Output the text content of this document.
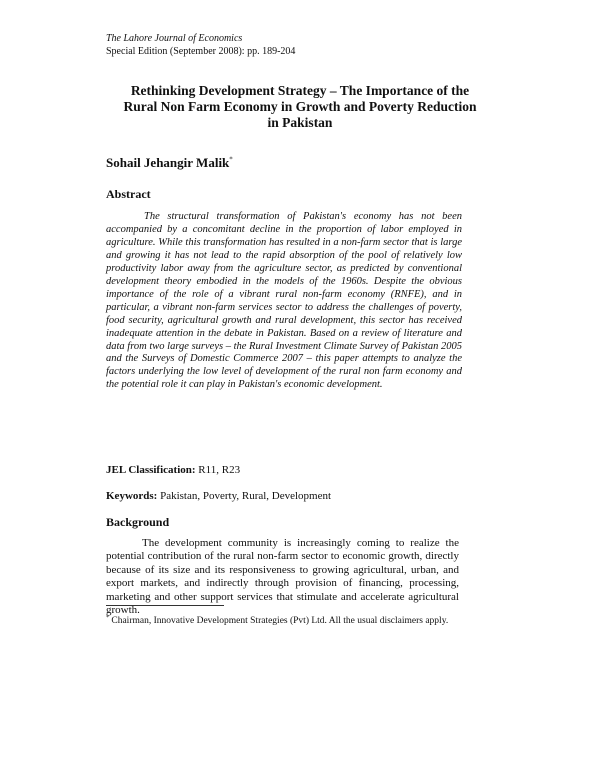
The Lahore Journal of Economics
Special Edition (September 2008): pp. 189-204
Rethinking Development Strategy – The Importance of the
Rural Non Farm Economy in Growth and Poverty Reduction
in Pakistan
Sohail Jehangir Malik*
Abstract

The structural transformation of Pakistan's economy has not been accompanied by a concomitant decline in the proportion of labor employed in agriculture. While this transformation has resulted in a non-farm sector that is large and growing it has not lead to the rapid absorption of the pool of relatively low productivity labor away from the agriculture sector, as predicted by conventional development theory embodied in the models of the 1960s. Despite the obvious importance of the role of a vibrant rural non-farm economy (RNFE), and in particular, a vibrant non-farm services sector to address the challenges of poverty, food security, agricultural growth and rural development, this sector has received inadequate attention in the debate in Pakistan. Based on a review of literature and data from two large surveys – the Rural Investment Climate Survey of Pakistan 2005 and the Surveys of Domestic Commerce 2007 – this paper attempts to analyze the factors underlying the low level of development of the rural non farm economy and the potential role it can play in Pakistan's economic development.

JEL Classification: R11, R23
Keywords: Pakistan, Poverty, Rural, Development
Background

The development community is increasingly coming to realize the potential contribution of the rural non-farm sector to economic growth, directly because of its size and its responsiveness to growing agricultural, urban, and export markets, and indirectly through provision of financing, processing, marketing and other support services that stimulate and accelerate agricultural growth.

* Chairman, Innovative Development Strategies (Pvt) Ltd. All the usual disclaimers apply.
